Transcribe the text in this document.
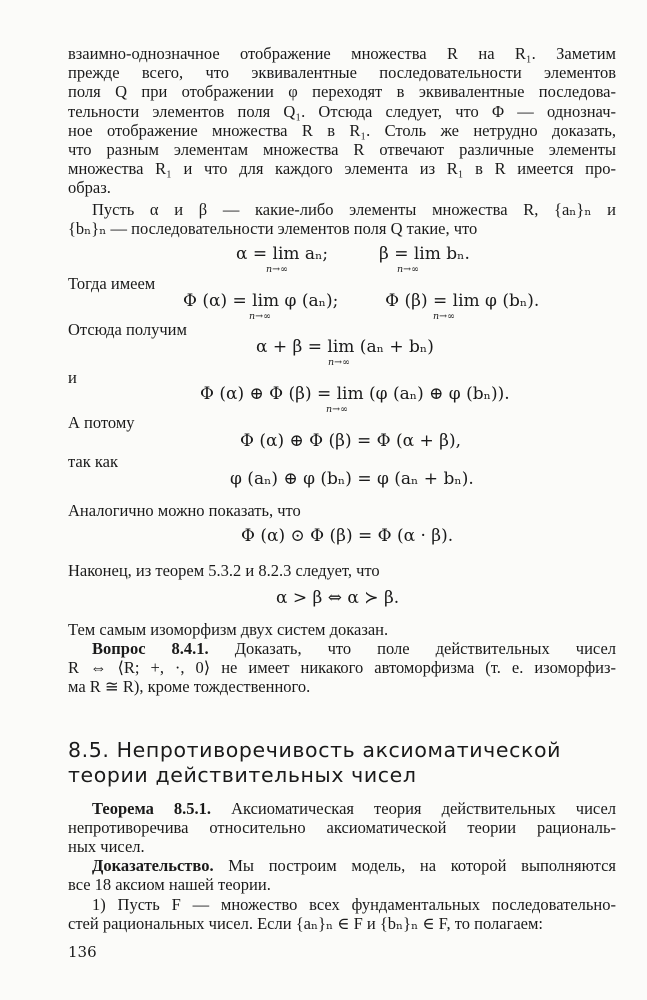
взаимно-однозначное отображение множества R на R₁. Заметим
прежде всего, что эквивалентные последовательности элементов
поля Q при отображении φ переходят в эквивалентные последова-
тельности элементов поля Q₁. Отсюда следует, что Φ — однознач-
ное отображение множества R в R₁. Столь же нетрудно доказать,
что разным элементам множества R отвечают различные элементы
множества R₁ и что для каждого элемента из R₁ в R имеется про-
образ.
Пусть α и β — какие-либо элементы множества R, {aₙ}ₙ и
{bₙ}ₙ — последовательности элементов поля Q такие, что
α = lim aₙ;	β = lim bₙ.
n→∞	n→∞
Тогда имеем
Φ (α) = lim φ (aₙ);	Φ (β) = lim φ (bₙ).
n→∞	n→∞
Отсюда получим
α + β = lim (aₙ + bₙ)
n→∞
и
Φ (α) ⊕ Φ (β) = lim (φ (aₙ) ⊕ φ (bₙ)).
n→∞
А потому
Φ (α) ⊕ Φ (β) = Φ (α + β),
так как
φ (aₙ) ⊕ φ (bₙ) = φ (aₙ + bₙ).
Аналогично можно показать, что
Φ (α) ⊙ Φ (β) = Φ (α · β).
Наконец, из теорем 5.3.2 и 8.2.3 следует, что
α > β ⇔ α ≻ β.
Тем самым изоморфизм двух систем доказан.
Вопрос 8.4.1. Доказать, что поле действительных чисел
R ⇔ ⟨R; +, ·, 0⟩ не имеет никакого автоморфизма (т. е. изоморфиз-
ма R ≅ R), кроме тождественного.
8.5. Непротиворечивость аксиоматической
теории действительных чисел
Теорема 8.5.1. Аксиоматическая теория действительных чисел
непротиворечива относительно аксиоматической теории рациональ-
ных чисел.
Доказательство. Мы построим модель, на которой выполняются
все 18 аксиом нашей теории.
1) Пусть F — множество всех фундаментальных последовательно-
стей рациональных чисел. Если {aₙ}ₙ ∈ F и {bₙ}ₙ ∈ F, то полагаем:
136
